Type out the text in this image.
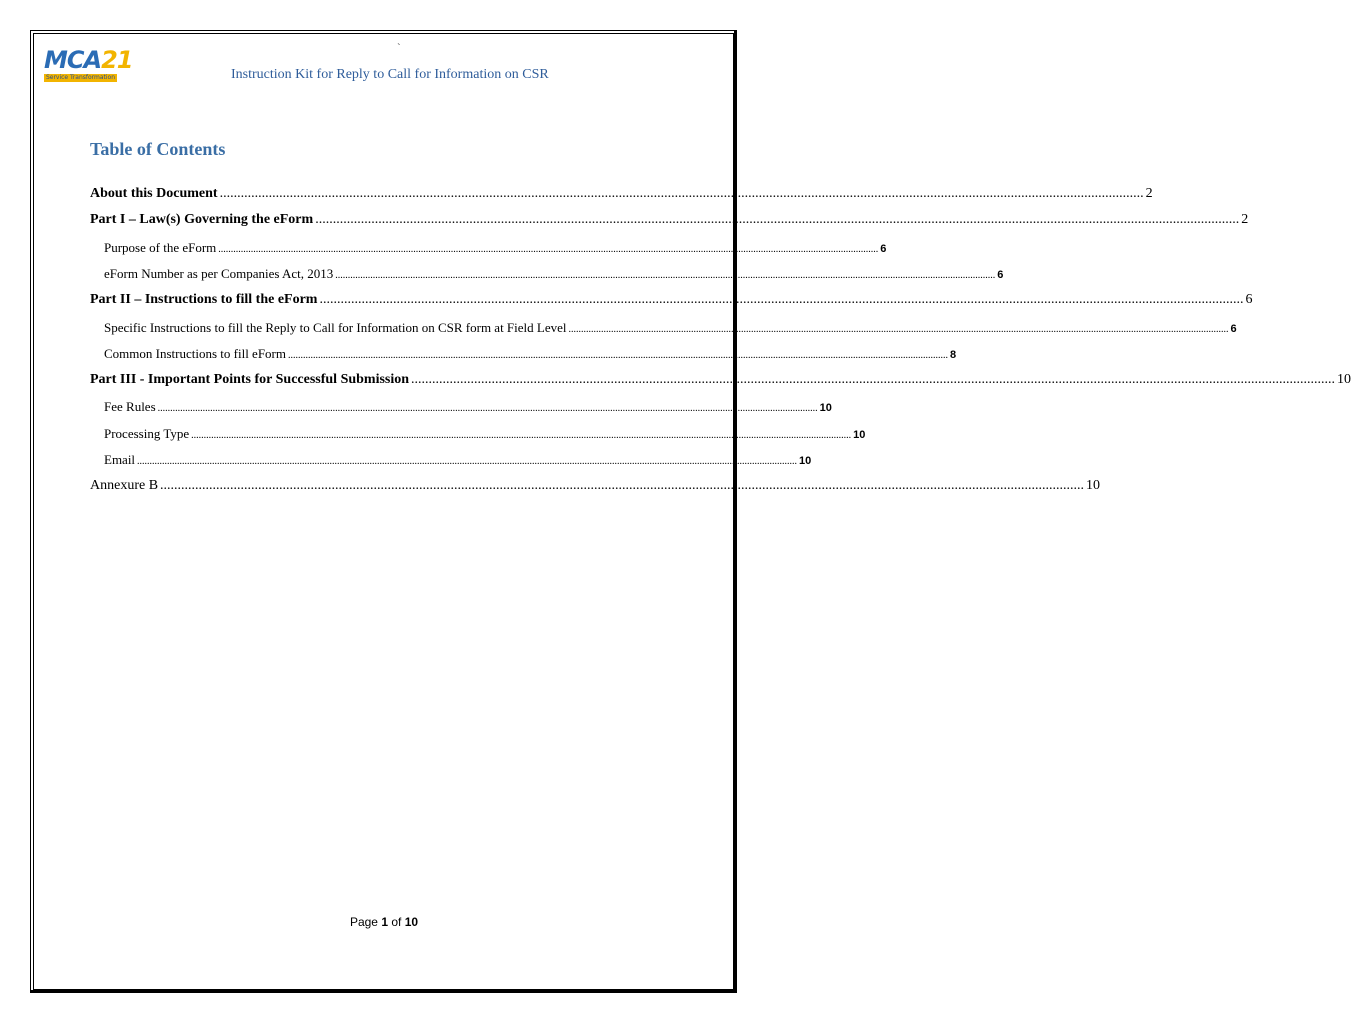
MCA21
Service Transformation
`
Instruction Kit for Reply to Call for Information on CSR
Table of Contents
About this Document ........................................................................................................................................................................................................................................................................ 2
Part I – Law(s) Governing the eForm ........................................................................................................................................................................................................................................................................ 2
Purpose of the eForm ........................................................................................................................................................................................................................................................................ 6
eForm Number as per Companies Act, 2013 ........................................................................................................................................................................................................................................................................ 6
Part II – Instructions to fill the eForm ........................................................................................................................................................................................................................................................................ 6
Specific Instructions to fill the Reply to Call for Information on CSR form at Field Level ........................................................................................................................................................................................................................................................................ 6
Common Instructions to fill eForm ........................................................................................................................................................................................................................................................................ 8
Part III - Important Points for Successful Submission ........................................................................................................................................................................................................................................................................ 10
Fee Rules ........................................................................................................................................................................................................................................................................ 10
Processing Type ........................................................................................................................................................................................................................................................................ 10
Email ........................................................................................................................................................................................................................................................................ 10
Annexure B ........................................................................................................................................................................................................................................................................ 10
Page 1 of 10
